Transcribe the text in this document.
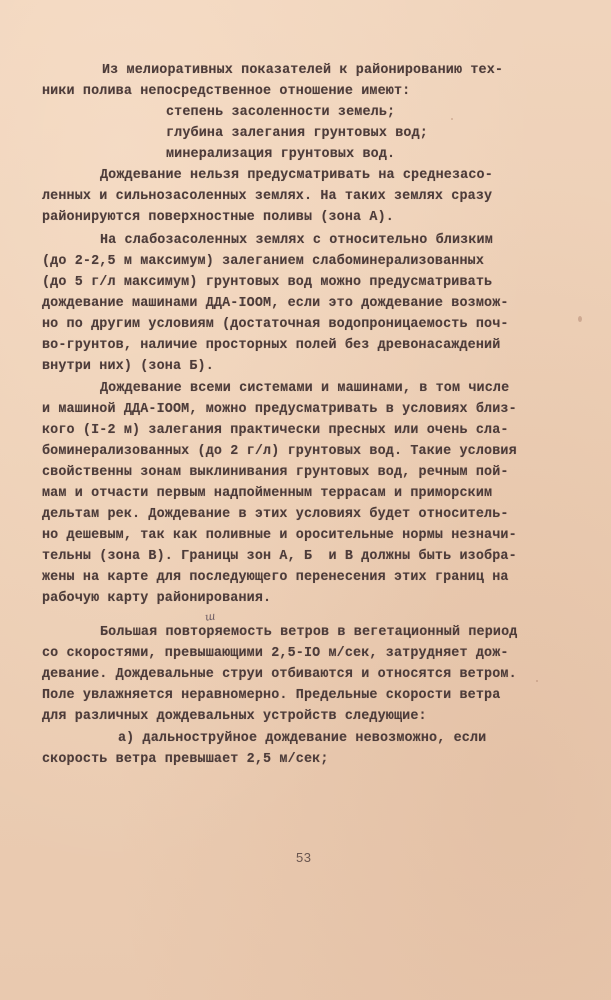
Из мелиоративных показателей к районированию тех-
ники полива непосредственное отношение имеют:
степень засоленности земель;
глубина залегания грунтовых вод;
минерализация грунтовых вод.
Дождевание нельзя предусматривать на среднезасо-
ленных и сильнозасоленных землях. На таких землях сразу
районируются поверхностные поливы (зона А).
На слабозасоленных землях с относительно близким
(до 2-2,5 м максимум) залеганием слабоминерализованных
(до 5 г/л максимум) грунтовых вод можно предусматривать
дождевание машинами ДДА-IOOM, если это дождевание возмож-
но по другим условиям (достаточная водопроницаемость поч-
во-грунтов, наличие просторных полей без древонасаждений
внутри них) (зона Б).
Дождевание всеми системами и машинами, в том числе
и машиной ДДА-IOOM, можно предусматривать в условиях близ-
кого (I-2 м) залегания практически пресных или очень сла-
боминерализованных (до 2 г/л) грунтовых вод. Такие условия
свойственны зонам выклинивания грунтовых вод, речным пой-
мам и отчасти первым надпойменным террасам и приморским
дельтам рек. Дождевание в этих условиях будет относитель-
но дешевым, так как поливные и оросительные нормы незначи-
тельны (зона В). Границы зон А, Б  и В должны быть изобра-
жены на карте для последующего перенесения этих границ на
рабочую карту районирования.
Большая повторяемость ветров в вегетационный период
со скоростями, превышающими 2,5-IO м/сек, затрудняет дож-
девание. Дождевальные струи отбиваются и относятся ветром.
Поле увлажняется неравномерно. Предельные скорости ветра
для различных дождевальных устройств следующие:
а) дальноструйное дождевание невозможно, если
скорость ветра превышает 2,5 м/сек;
ш
53
